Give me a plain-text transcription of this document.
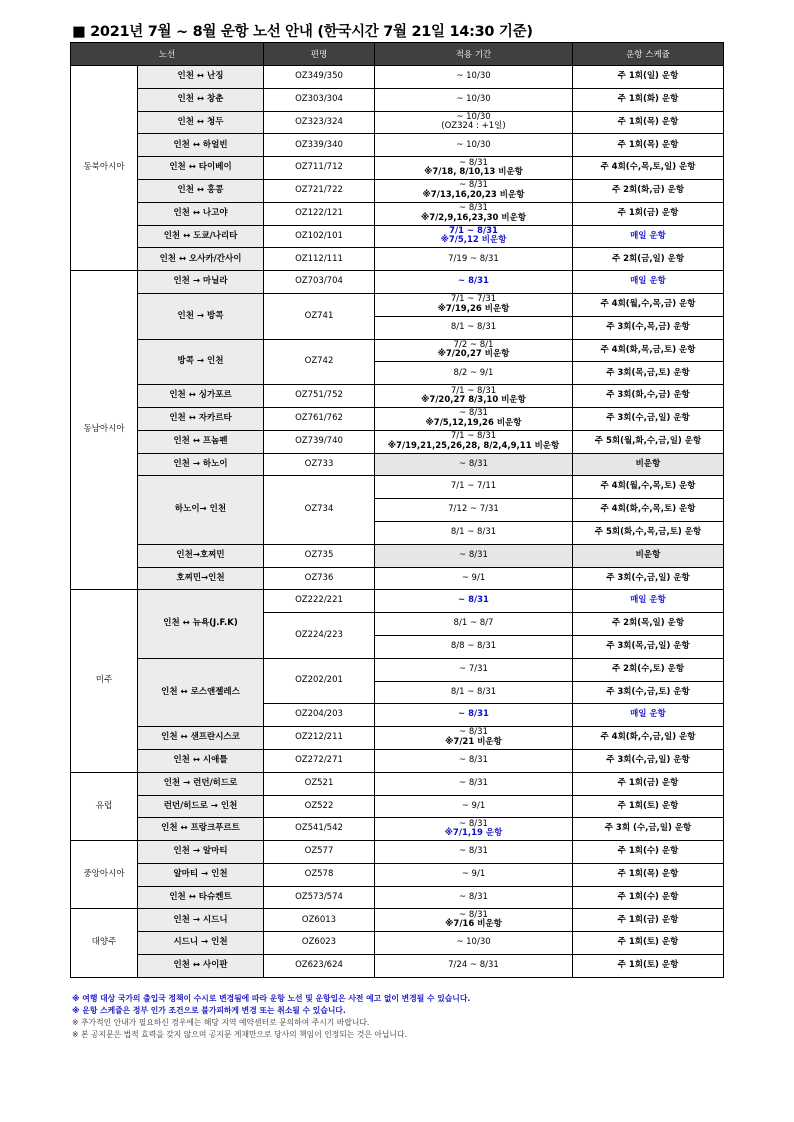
■ 2021년 7월 ~ 8월 운항 노선 안내 (한국시간 7월 21일 14:30 기준)
노선		편명	적용 기간	운항 스케쥴
동북아시아	인천 ↔ 난징	OZ349/350	~ 10/30	주 1회(일) 운항
	인천 ↔ 창춘	OZ303/304	~ 10/30	주 1회(화) 운항
	인천 ↔ 청두	OZ323/324	~ 10/30
(OZ324 : +1일)	주 1회(목) 운항
	인천 ↔ 하얼빈	OZ339/340	~ 10/30	주 1회(목) 운항
	인천 ↔ 타이베이	OZ711/712	~ 8/31
※7/18, 8/10,13 비운항	주 4회(수,목,토,일) 운항
	인천 ↔ 홍콩	OZ721/722	~ 8/31
※7/13,16,20,23 비운항	주 2회(화,금) 운항
	인천 ↔ 나고야	OZ122/121	~ 8/31
※7/2,9,16,23,30 비운항	주 1회(금) 운항
	인천 ↔ 도쿄/나리타	OZ102/101	7/1 ~ 8/31
※7/5,12 비운항	매일 운항
	인천 ↔ 오사카/간사이	OZ112/111	7/19 ~ 8/31	주 2회(금,일) 운항
동남아시아	인천 → 마닐라	OZ703/704	~ 8/31	매일 운항
	인천 → 방콕	OZ741	7/1 ~ 7/31
※7/19,26 비운항	주 4회(월,수,목,금) 운항

			8/1 ~ 8/31	주 3회(수,목,금) 운항
	방콕 → 인천	OZ742	7/2 ~ 8/1
※7/20,27 비운항	주 4회(화,목,금,토) 운항

			8/2 ~ 9/1	주 3회(목,금,토) 운항
	인천 ↔ 싱가포르	OZ751/752	7/1 ~ 8/31
※7/20,27 8/3,10 비운항	주 3회(화,수,금) 운항
	인천 ↔ 자카르타	OZ761/762	~ 8/31
※7/5,12,19,26 비운항	주 3회(수,금,일) 운항
	인천 ↔ 프놈펜	OZ739/740	7/1 ~ 8/31
※7/19,21,25,26,28, 8/2,4,9,11 비운항	주 5회(월,화,수,금,일) 운항
	인천 → 하노이	OZ733	~ 8/31	비운항
	하노이→ 인천	OZ734	7/1 ~ 7/11	주 4회(월,수,목,토) 운항

			7/12 ~ 7/31	주 4회(화,수,목,토) 운항

			8/1 ~ 8/31	주 5회(화,수,목,금,토) 운항
	인천→호찌민	OZ735	~ 8/31	비운항
	호찌민→인천	OZ736	~ 9/1	주 3회(수,금,일) 운항
미주	인천 ↔ 뉴욕(J.F.K)	OZ222/221	~ 8/31	매일 운항
		OZ224/223	8/1 ~ 8/7	주 2회(목,일) 운항

			8/8 ~ 8/31	주 3회(목,금,일) 운항
	인천 ↔ 로스앤젤레스	OZ202/201	~ 7/31	주 2회(수,토) 운항

			8/1 ~ 8/31	주 3회(수,금,토) 운항
		OZ204/203	~ 8/31	매일 운항
	인천 ↔ 샌프란시스코	OZ212/211	~ 8/31
※7/21 비운항	주 4회(화,수,금,일) 운항
	인천 ↔ 시애틀	OZ272/271	~ 8/31	주 3회(수,금,일) 운항
유럽	인천 → 런던/히드로	OZ521	~ 8/31	주 1회(금) 운항
	런던/히드로 → 인천	OZ522	~ 9/1	주 1회(토) 운항
	인천 ↔ 프랑크푸르트	OZ541/542	~ 8/31
※7/1,19 운항	주 3회 (수,금,일) 운항
중앙아시아	인천 → 알마티	OZ577	~ 8/31	주 1회(수) 운항
	알마티 → 인천	OZ578	~ 9/1	주 1회(목) 운항
	인천 ↔ 타슈켄트	OZ573/574	~ 8/31	주 1회(수) 운항
대양주	인천 → 시드니	OZ6013	~ 8/31
※7/16 비운항	주 1회(금) 운항
	시드니 → 인천	OZ6023	~ 10/30	주 1회(토) 운항
	인천 ↔ 사이판	OZ623/624	7/24 ~ 8/31	주 1회(토) 운항
※ 여행 대상 국가의 출입국 정책이 수시로 변경됨에 따라 운항 노선 및 운항일은 사전 예고 없이 변경될 수 있습니다.
※ 운항 스케쥴은 정부 인가 조건으로 불가피하게 변경 또는 취소될 수 있습니다.
※ 추가적인 안내가 필요하신 경우에는 해당 지역 예약센터로 문의하여 주시기 바랍니다.
※ 본 공지문은 법적 효력을 갖지 않으며 공지문 게재만으로 당사의 책임이 인정되는 것은 아닙니다.
